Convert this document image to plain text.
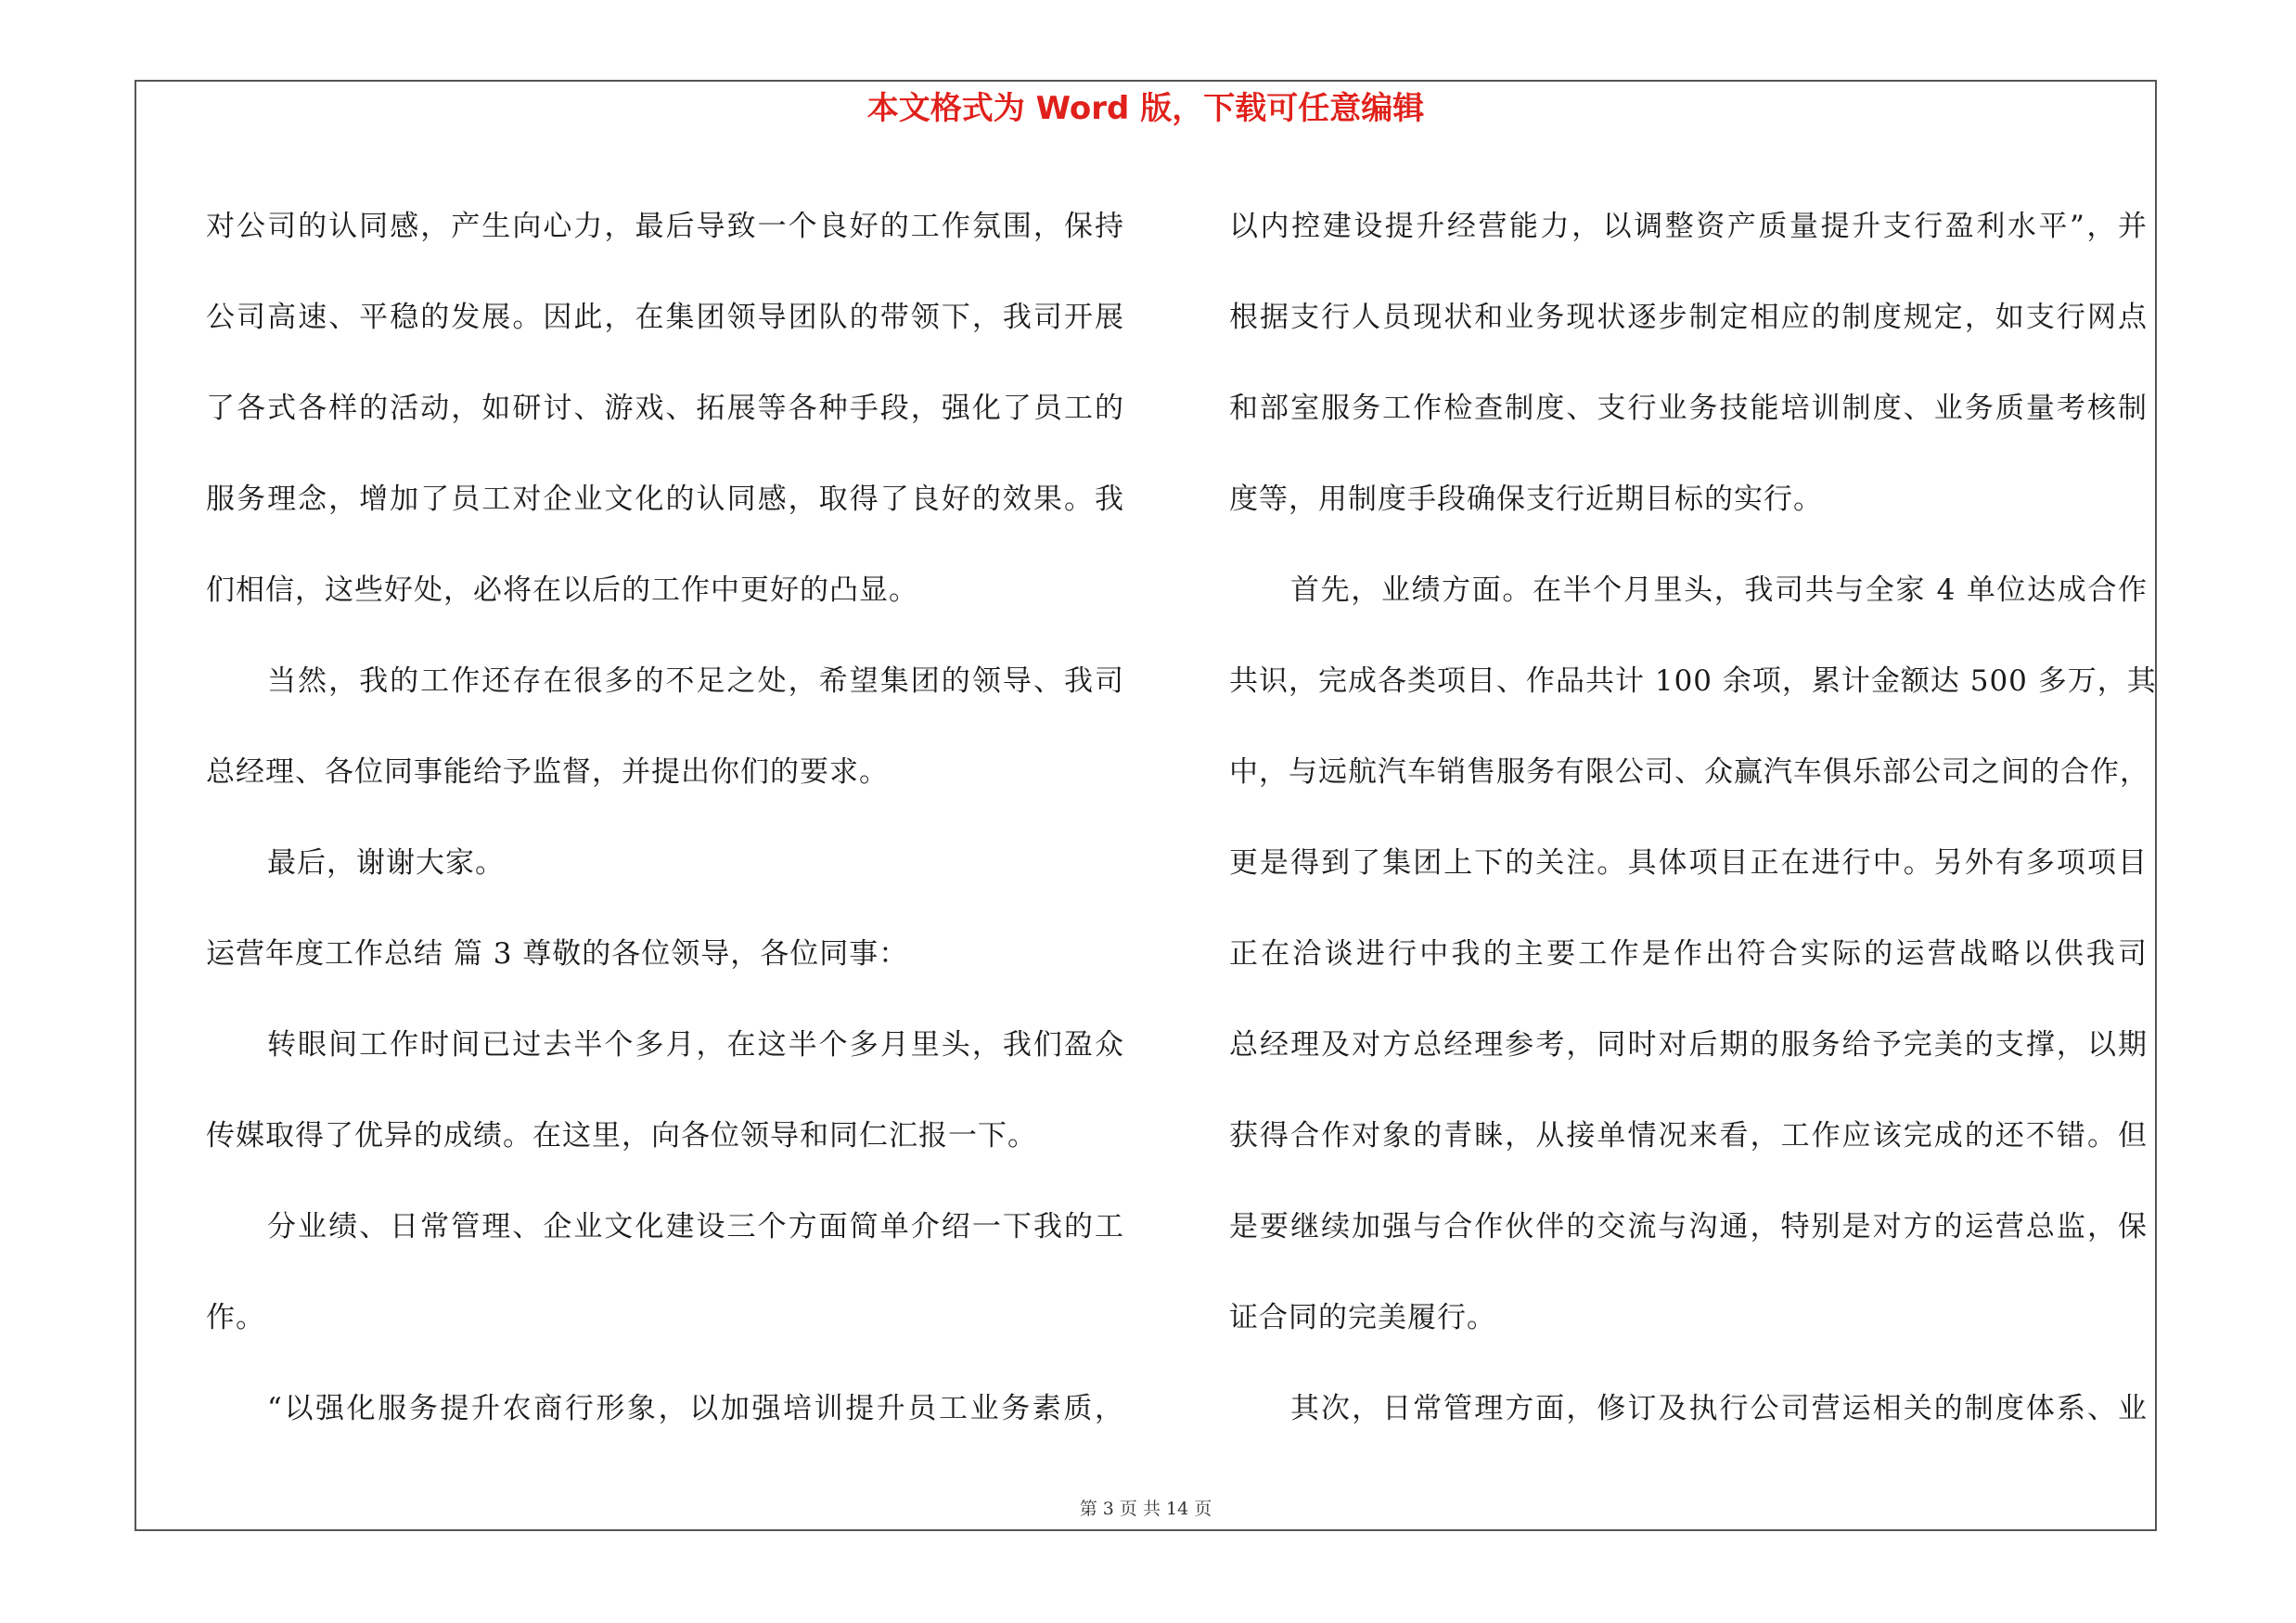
本文格式为 Word 版，下载可任意编辑
对公司的认同感，产生向心力，最后导致一个良好的工作氛围，保持
公司高速、平稳的发展。因此，在集团领导团队的带领下，我司开展
了各式各样的活动，如研讨、游戏、拓展等各种手段，强化了员工的
服务理念，增加了员工对企业文化的认同感，取得了良好的效果。我
们相信，这些好处，必将在以后的工作中更好的凸显。
当然，我的工作还存在很多的不足之处，希望集团的领导、我司
总经理、各位同事能给予监督，并提出你们的要求。
最后，谢谢大家。
运营年度工作总结 篇 3 尊敬的各位领导，各位同事：
转眼间工作时间已过去半个多月，在这半个多月里头，我们盈众
传媒取得了优异的成绩。在这里，向各位领导和同仁汇报一下。
分业绩、日常管理、企业文化建设三个方面简单介绍一下我的工
作。
“以强化服务提升农商行形象，以加强培训提升员工业务素质，
以内控建设提升经营能力，以调整资产质量提升支行盈利水平”，并
根据支行人员现状和业务现状逐步制定相应的制度规定，如支行网点
和部室服务工作检查制度、支行业务技能培训制度、业务质量考核制
度等，用制度手段确保支行近期目标的实行。
首先，业绩方面。在半个月里头，我司共与全家 4 单位达成合作
共识，完成各类项目、作品共计 100 余项，累计金额达 500 多万，其
中，与远航汽车销售服务有限公司、众赢汽车俱乐部公司之间的合作，
更是得到了集团上下的关注。具体项目正在进行中。另外有多项项目
正在洽谈进行中我的主要工作是作出符合实际的运营战略以供我司
总经理及对方总经理参考，同时对后期的服务给予完美的支撑，以期
获得合作对象的青睐，从接单情况来看，工作应该完成的还不错。但
是要继续加强与合作伙伴的交流与沟通，特别是对方的运营总监，保
证合同的完美履行。
其次，日常管理方面，修订及执行公司营运相关的制度体系、业
第 3 页 共 14 页
